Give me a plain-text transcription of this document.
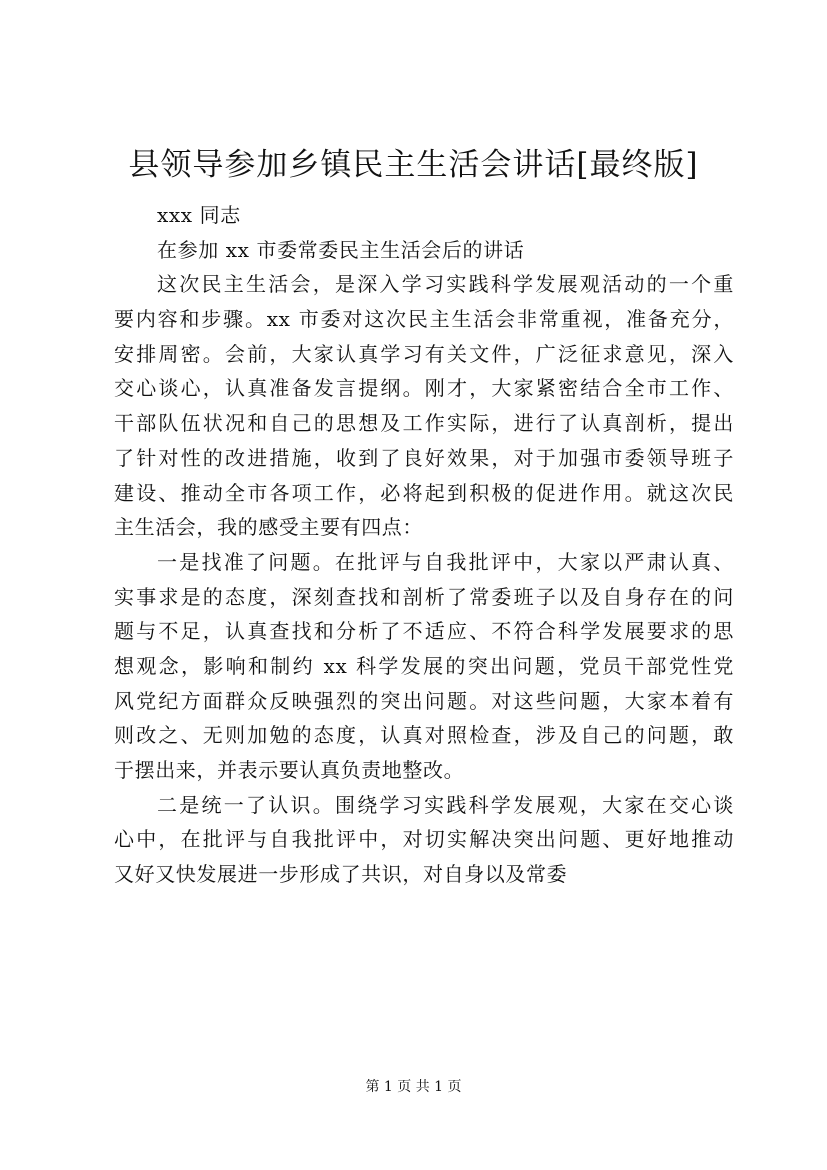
县领导参加乡镇民主生活会讲话[最终版]

xxx 同志

在参加 xx 市委常委民主生活会后的讲话

这次民主生活会，是深入学习实践科学发展观活动的一个重

要内容和步骤。xx 市委对这次民主生活会非常重视，准备充分，

安排周密。会前，大家认真学习有关文件，广泛征求意见，深入

交心谈心，认真准备发言提纲。刚才，大家紧密结合全市工作、

干部队伍状况和自己的思想及工作实际，进行了认真剖析，提出

了针对性的改进措施，收到了良好效果，对于加强市委领导班子

建设、推动全市各项工作，必将起到积极的促进作用。就这次民

主生活会，我的感受主要有四点：

一是找准了问题。在批评与自我批评中，大家以严肃认真、

实事求是的态度，深刻查找和剖析了常委班子以及自身存在的问

题与不足，认真查找和分析了不适应、不符合科学发展要求的思

想观念，影响和制约 xx 科学发展的突出问题，党员干部党性党

风党纪方面群众反映强烈的突出问题。对这些问题，大家本着有

则改之、无则加勉的态度，认真对照检查，涉及自己的问题，敢

于摆出来，并表示要认真负责地整改。

二是统一了认识。围绕学习实践科学发展观，大家在交心谈

心中，在批评与自我批评中，对切实解决突出问题、更好地推动

又好又快发展进一步形成了共识，对自身以及常委

第 1 页 共 1 页
